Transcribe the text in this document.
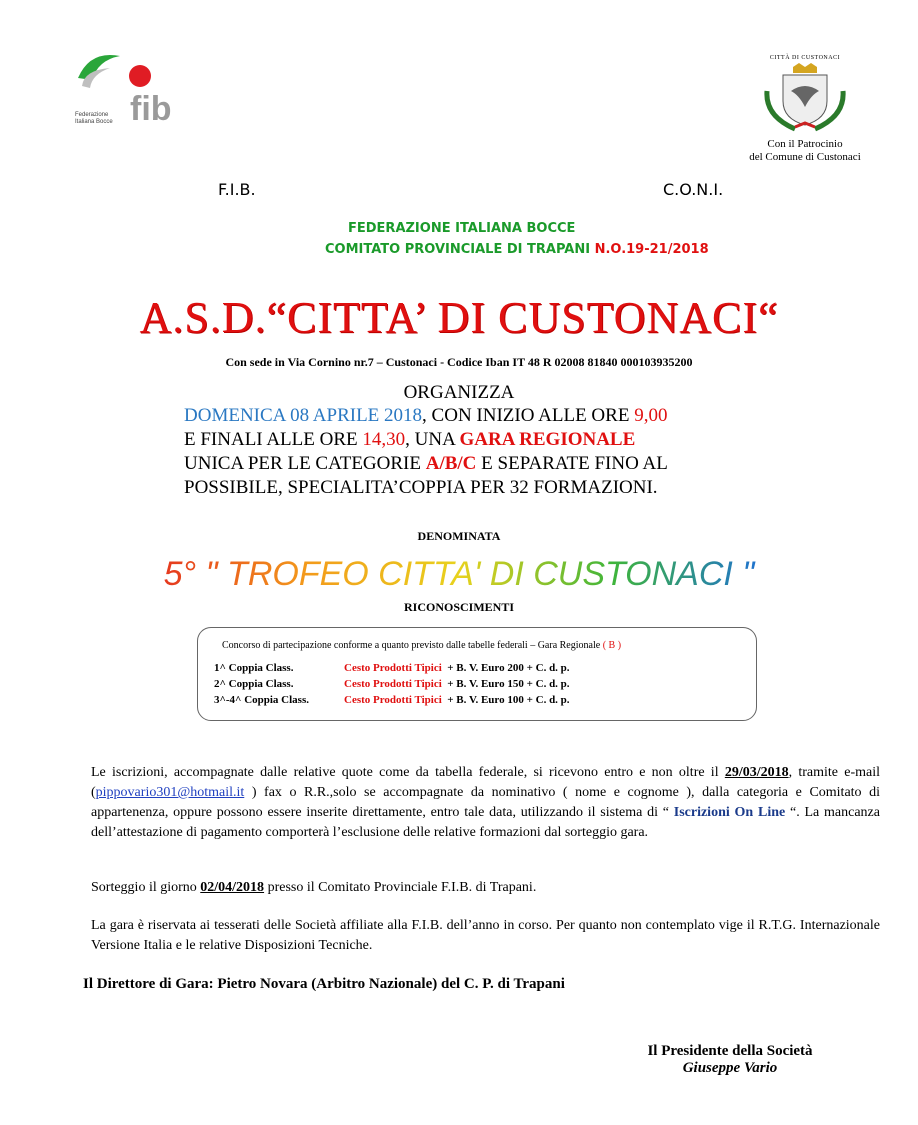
Federazione
Italiana Bocce fib
CITTÀ DI CUSTONACI
Con il Patrocinio
del Comune di Custonaci
F.I.B.	C.O.N.I.
FEDERAZIONE ITALIANA BOCCE
COMITATO PROVINCIALE DI TRAPANI N.O.19-21/2018
A.S.D.“CITTA’ DI CUSTONACI“
Con sede in Via Cornino nr.7 – Custonaci - Codice Iban IT 48 R 02008 81840 000103935200
ORGANIZZA
DOMENICA 08 APRILE 2018, CON INIZIO ALLE ORE 9,00
E FINALI ALLE ORE 14,30, UNA GARA REGIONALE
UNICA PER LE CATEGORIE A/B/C E SEPARATE FINO AL
POSSIBILE, SPECIALITA’COPPIA PER 32 FORMAZIONI.
DENOMINATA
5° " TROFEO CITTA' DI CUSTONACI "
RICONOSCIMENTI
Concorso di partecipazione conforme a quanto previsto dalle tabelle federali – Gara Regionale ( B )
1^ Coppia Class.	Cesto Prodotti Tipici + B. V. Euro 200 + C. d. p.
2^ Coppia Class.	Cesto Prodotti Tipici + B. V. Euro 150 + C. d. p.
3^-4^ Coppia Class.	Cesto Prodotti Tipici + B. V. Euro 100 + C. d. p.
Le iscrizioni, accompagnate dalle relative quote come da tabella federale, si ricevono entro e non oltre il 29/03/2018, tramite e-mail (pippovario301@hotmail.it ) fax o R.R.,solo se accompagnate da nominativo ( nome e cognome ), dalla categoria e Comitato di appartenenza, oppure possono essere inserite direttamente, entro tale data, utilizzando il sistema di “ Iscrizioni On Line “. La mancanza dell’attestazione di pagamento comporterà l’esclusione delle relative formazioni dal sorteggio gara.
Sorteggio il giorno 02/04/2018 presso il Comitato Provinciale F.I.B. di Trapani.
La gara è riservata ai tesserati delle Società affiliate alla F.I.B. dell’anno in corso. Per quanto non contemplato vige il R.T.G. Internazionale Versione Italia e le relative Disposizioni Tecniche.
Il Direttore di Gara: Pietro Novara (Arbitro Nazionale) del C. P. di Trapani
Il Presidente della Società
Giuseppe Vario
